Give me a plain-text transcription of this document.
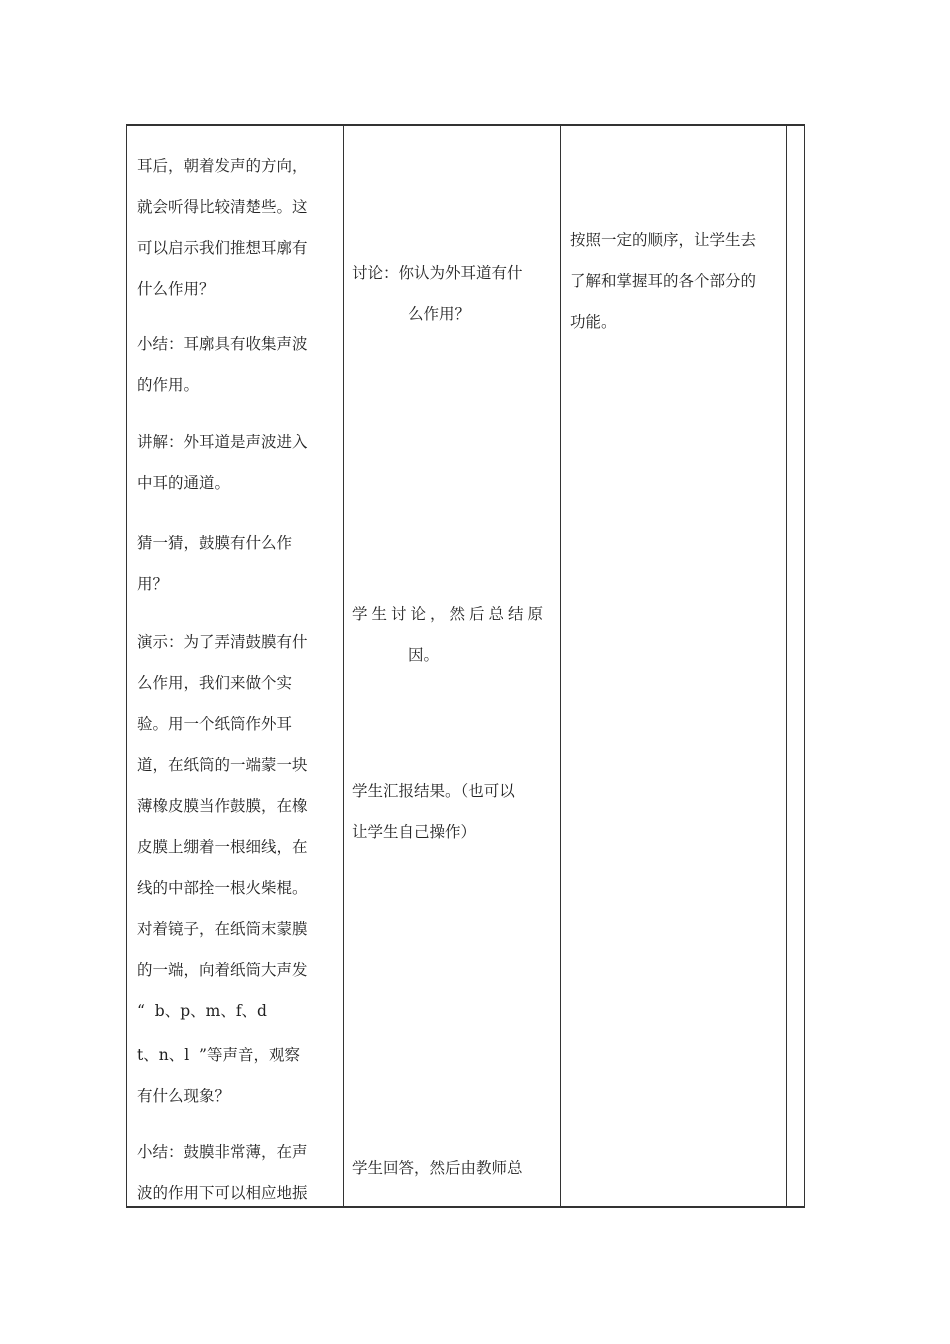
耳后，朝着发声的方向，
就会听得比较清楚些。这
可以启示我们推想耳廓有
什么作用？
小结：耳廓具有收集声波
的作用。
讲解：外耳道是声波进入
中耳的通道。
猜一猜，鼓膜有什么作
用？
演示：为了弄清鼓膜有什
么作用，我们来做个实
验。用一个纸筒作外耳
道，在纸筒的一端蒙一块
薄橡皮膜当作鼓膜，在橡
皮膜上绷着一根细线，在
线的中部拴一根火柴棍。
对着镜子，在纸筒末蒙膜
的一端，向着纸筒大声发
“  b、p、m、f、d
t、n、l  ”等声音，观察
有什么现象？
小结：鼓膜非常薄，在声
波的作用下可以相应地振
讨论：你认为外耳道有什
么作用？
学生讨论，然后总结原
因。
学生汇报结果。（也可以
让学生自己操作）
学生回答，然后由教师总
按照一定的顺序，让学生去
了解和掌握耳的各个部分的
功能。
